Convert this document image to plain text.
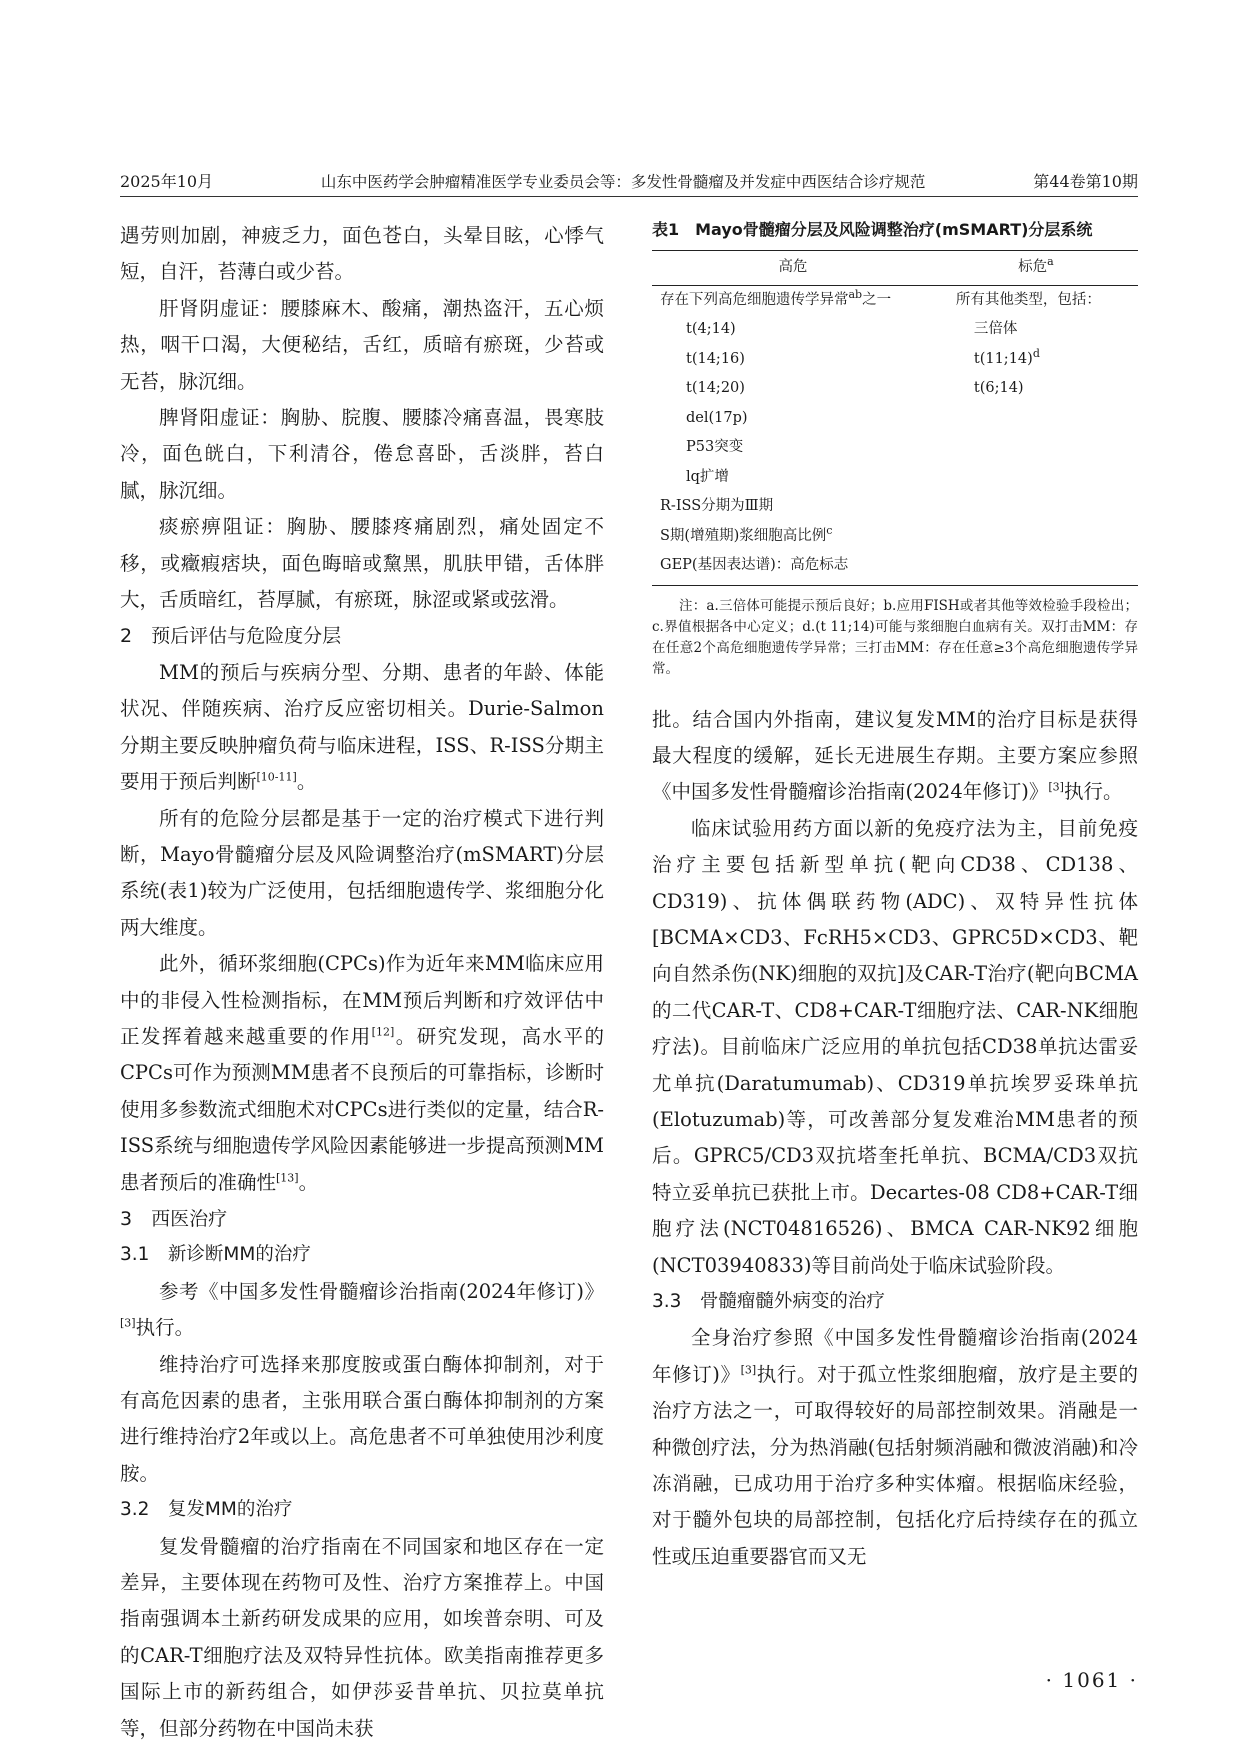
2025年10月	山东中医药学会肿瘤精准医学专业委员会等：多发性骨髓瘤及并发症中西医结合诊疗规范	第44卷第10期

遇劳则加剧，神疲乏力，面色苍白，头晕目眩，心悸气短，自汗，苔薄白或少苔。

肝肾阴虚证：腰膝麻木、酸痛，潮热盗汗，五心烦热，咽干口渴，大便秘结，舌红，质暗有瘀斑，少苔或无苔，脉沉细。

脾肾阳虚证：胸胁、脘腹、腰膝冷痛喜温，畏寒肢冷，面色㿠白，下利清谷，倦怠喜卧，舌淡胖，苔白腻，脉沉细。

痰瘀痹阻证：胸胁、腰膝疼痛剧烈，痛处固定不移，或癥瘕痞块，面色晦暗或黧黑，肌肤甲错，舌体胖大，舌质暗红，苔厚腻，有瘀斑，脉涩或紧或弦滑。

2　预后评估与危险度分层

MM的预后与疾病分型、分期、患者的年龄、体能状况、伴随疾病、治疗反应密切相关。Durie-Salmon分期主要反映肿瘤负荷与临床进程，ISS、R-ISS分期主要用于预后判断[10-11]。

所有的危险分层都是基于一定的治疗模式下进行判断，Mayo骨髓瘤分层及风险调整治疗(mSMART)分层系统(表1)较为广泛使用，包括细胞遗传学、浆细胞分化两大维度。

此外，循环浆细胞(CPCs)作为近年来MM临床应用中的非侵入性检测指标，在MM预后判断和疗效评估中正发挥着越来越重要的作用[12]。研究发现，高水平的CPCs可作为预测MM患者不良预后的可靠指标，诊断时使用多参数流式细胞术对CPCs进行类似的定量，结合R-ISS系统与细胞遗传学风险因素能够进一步提高预测MM患者预后的准确性[13]。

3　西医治疗
3.1　新诊断MM的治疗

参考《中国多发性骨髓瘤诊治指南(2024年修订)》[3]执行。

维持治疗可选择来那度胺或蛋白酶体抑制剂，对于有高危因素的患者，主张用联合蛋白酶体抑制剂的方案进行维持治疗2年或以上。高危患者不可单独使用沙利度胺。

3.2　复发MM的治疗

复发骨髓瘤的治疗指南在不同国家和地区存在一定差异，主要体现在药物可及性、治疗方案推荐上。中国指南强调本土新药研发成果的应用，如埃普奈明、可及的CAR-T细胞疗法及双特异性抗体。欧美指南推荐更多国际上市的新药组合，如伊莎妥昔单抗、贝拉莫单抗等，但部分药物在中国尚未获

表1　Mayo骨髓瘤分层及风险调整治疗(mSMART)分层系统
高危	标危$^a$
存在下列高危细胞遗传学异常$^{ab}$之一	所有其他类型，包括：
t(4;14)	三倍体
t(14;16)	t(11;14)$^d$
t(14;20)	t(6;14)
del(17p)	
P53突变	
lq扩增	
R-ISS分期为Ⅲ期	
S期(增殖期)浆细胞高比例$^c$	
GEP(基因表达谱)：高危标志	
注：a.三倍体可能提示预后良好；b.应用FISH或者其他等效检验手段检出；c.界值根据各中心定义；d.(t 11;14)可能与浆细胞白血病有关。双打击MM：存在任意2个高危细胞遗传学异常；三打击MM：存在任意≥3个高危细胞遗传学异常。

批。结合国内外指南，建议复发MM的治疗目标是获得最大程度的缓解，延长无进展生存期。主要方案应参照《中国多发性骨髓瘤诊治指南(2024年修订)》[3]执行。

临床试验用药方面以新的免疫疗法为主，目前免疫治疗主要包括新型单抗(靶向CD38、CD138、CD319)、抗体偶联药物(ADC)、双特异性抗体[BCMA×CD3、FcRH5×CD3、GPRC5D×CD3、靶向自然杀伤(NK)细胞的双抗]及CAR-T治疗(靶向BCMA的二代CAR-T、CD8+CAR-T细胞疗法、CAR-NK细胞疗法)。目前临床广泛应用的单抗包括CD38单抗达雷妥尤单抗(Daratumumab)、CD319单抗埃罗妥珠单抗(Elotuzumab)等，可改善部分复发难治MM患者的预后。GPRC5/CD3双抗塔奎托单抗、BCMA/CD3双抗特立妥单抗已获批上市。Decartes-08 CD8+CAR-T细胞疗法(NCT04816526)、BMCA CAR-NK92细胞(NCT03940833)等目前尚处于临床试验阶段。

3.3　骨髓瘤髓外病变的治疗

全身治疗参照《中国多发性骨髓瘤诊治指南(2024年修订)》[3]执行。对于孤立性浆细胞瘤，放疗是主要的治疗方法之一，可取得较好的局部控制效果。消融是一种微创疗法，分为热消融(包括射频消融和微波消融)和冷冻消融，已成功用于治疗多种实体瘤。根据临床经验，对于髓外包块的局部控制，包括化疗后持续存在的孤立性或压迫重要器官而又无

· 1061 ·
